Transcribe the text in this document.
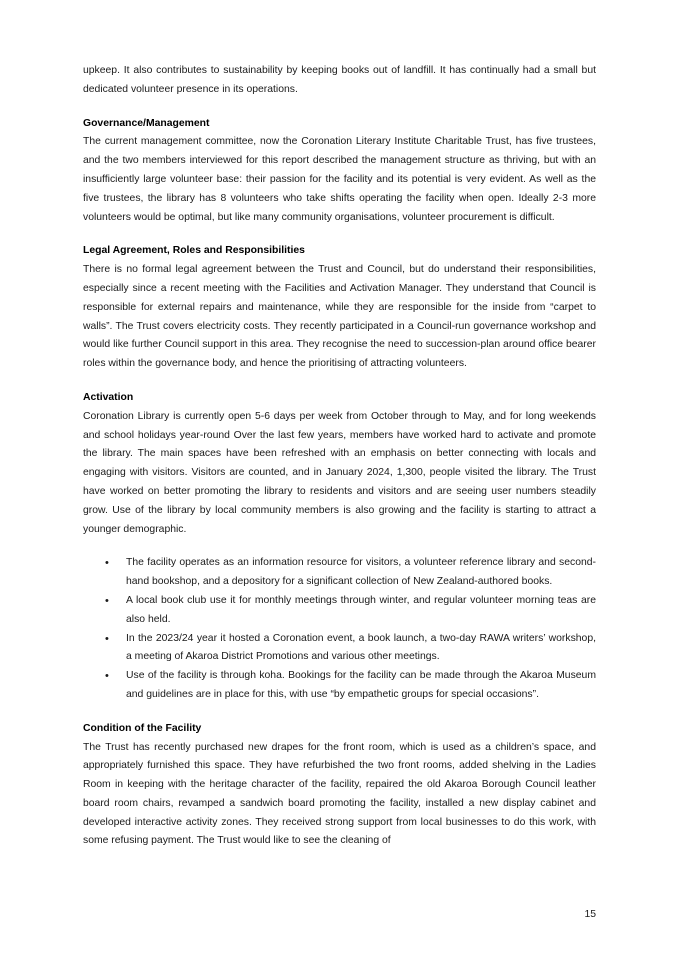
upkeep. It also contributes to sustainability by keeping books out of landfill. It has continually had a small but dedicated volunteer presence in its operations.

Governance/Management

The current management committee, now the Coronation Literary Institute Charitable Trust, has five trustees, and the two members interviewed for this report described the management structure as thriving, but with an insufficiently large volunteer base: their passion for the facility and its potential is very evident. As well as the five trustees, the library has 8 volunteers who take shifts operating the facility when open. Ideally 2-3 more volunteers would be optimal, but like many community organisations, volunteer procurement is difficult.

Legal Agreement, Roles and Responsibilities

There is no formal legal agreement between the Trust and Council, but do understand their responsibilities, especially since a recent meeting with the Facilities and Activation Manager. They understand that Council is responsible for external repairs and maintenance, while they are responsible for the inside from “carpet to walls”. The Trust covers electricity costs. They recently participated in a Council-run governance workshop and would like further Council support in this area. They recognise the need to succession-plan around office bearer roles within the governance body, and hence the prioritising of attracting volunteers.

Activation

Coronation Library is currently open 5-6 days per week from October through to May, and for long weekends and school holidays year-round Over the last few years, members have worked hard to activate and promote the library. The main spaces have been refreshed with an emphasis on better connecting with locals and engaging with visitors. Visitors are counted, and in January 2024, 1,300, people visited the library. The Trust have worked on better promoting the library to residents and visitors and are seeing user numbers steadily grow. Use of the library by local community members is also growing and the facility is starting to attract a younger demographic.

• The facility operates as an information resource for visitors, a volunteer reference library and second-hand bookshop, and a depository for a significant collection of New Zealand-authored books.
• A local book club use it for monthly meetings through winter, and regular volunteer morning teas are also held.
• In the 2023/24 year it hosted a Coronation event, a book launch, a two-day RAWA writers’ workshop, a meeting of Akaroa District Promotions and various other meetings.
• Use of the facility is through koha. Bookings for the facility can be made through the Akaroa Museum and guidelines are in place for this, with use “by empathetic groups for special occasions”.
Condition of the Facility

The Trust has recently purchased new drapes for the front room, which is used as a children’s space, and appropriately furnished this space. They have refurbished the two front rooms, added shelving in the Ladies Room in keeping with the heritage character of the facility, repaired the old Akaroa Borough Council leather board room chairs, revamped a sandwich board promoting the facility, installed a new display cabinet and developed interactive activity zones. They received strong support from local businesses to do this work, with some refusing payment. The Trust would like to see the cleaning of

15
